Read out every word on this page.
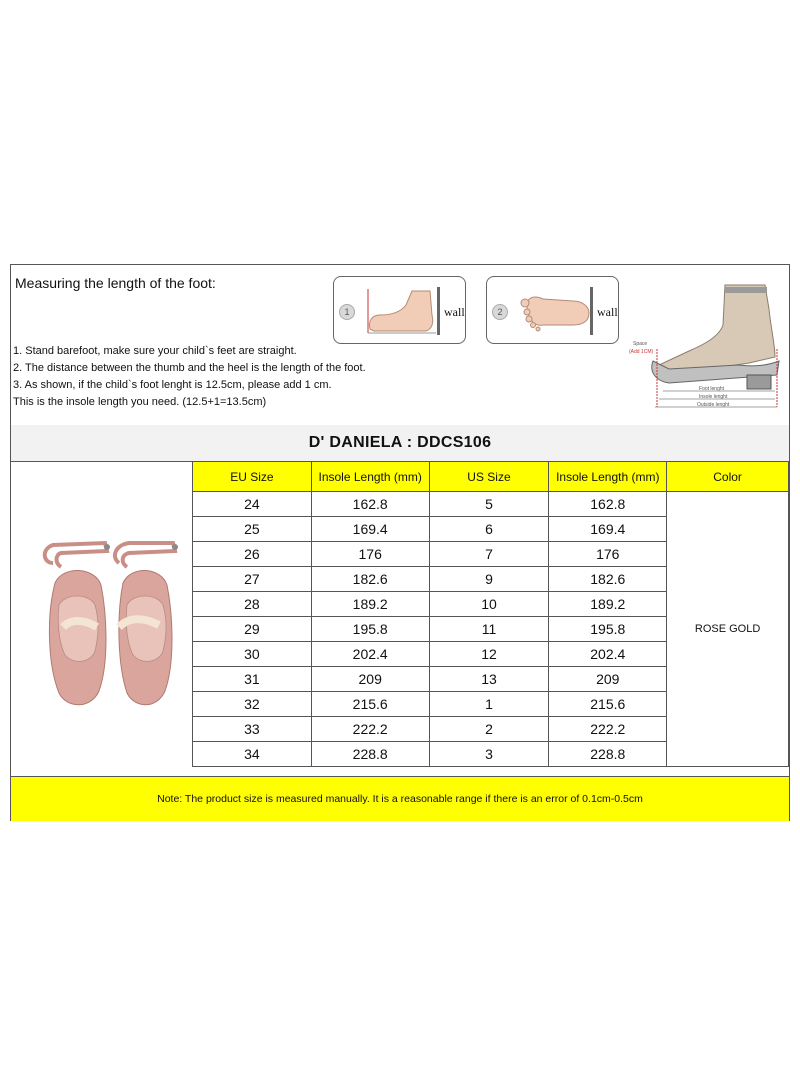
Measuring the length of the foot:
1	wall	2	wall
1. Stand barefoot, make sure your child`s feet are straight.
2. The distance between the thumb and the heel is the length of the foot.
3. As shown, if the child`s foot lenght is 12.5cm, please add 1 cm.
This is the insole length you need. (12.5+1=13.5cm)
Space
(Add 1CM)
Foot lenght
Insole lenght
Outside lenght
D' DANIELA : DDCS106
EU Size	Insole Length (mm)	US Size	Insole Length (mm)	Color
24	162.8	5	162.8	ROSE GOLD
25	169.4	6	169.4	
26	176	7	176	
27	182.6	9	182.6	
28	189.2	10	189.2	
29	195.8	11	195.8	
30	202.4	12	202.4	
31	209	13	209	
32	215.6	1	215.6	
33	222.2	2	222.2	
34	228.8	3	228.8	
Note: The product size is measured manually. It is a reasonable range if there is an error of 0.1cm-0.5cm
